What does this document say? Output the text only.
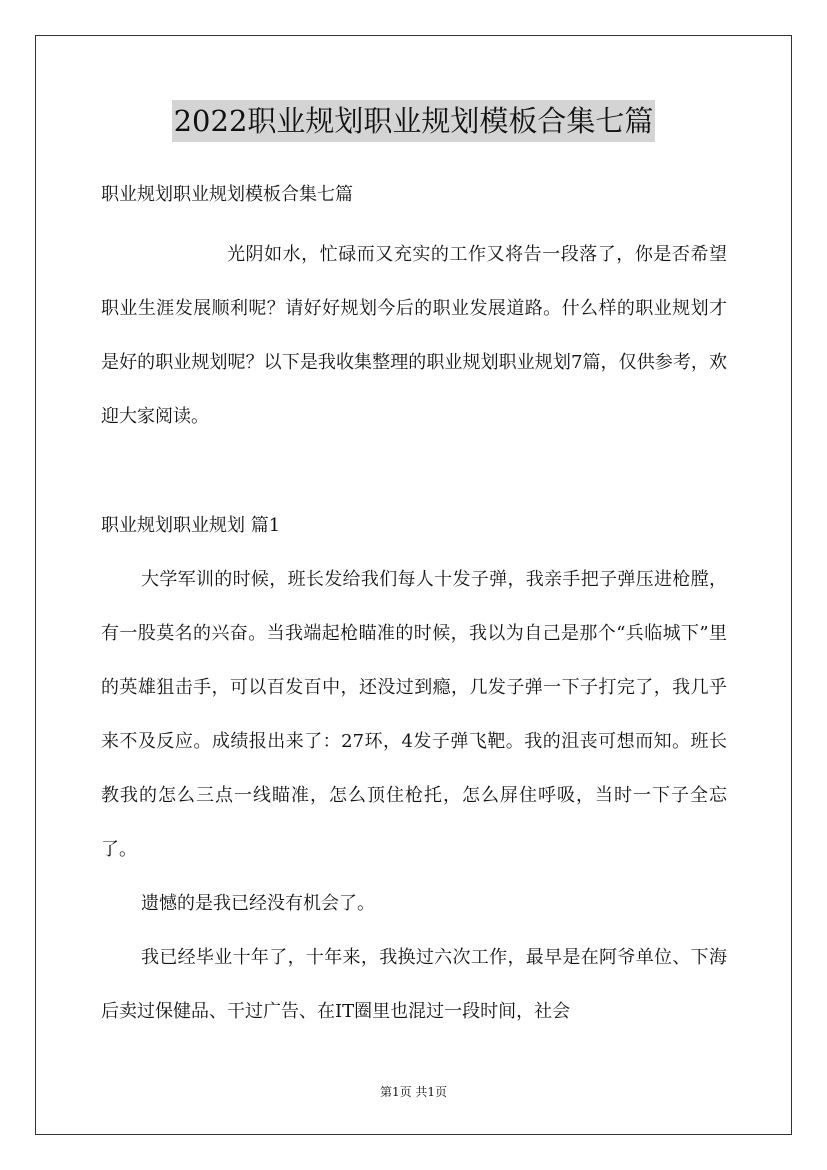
2022职业规划职业规划模板合集七篇

职业规划职业规划模板合集七篇

光阴如水，忙碌而又充实的工作又将告一段落了，你是否希望职业生涯发展顺利呢？请好好规划今后的职业发展道路。什么样的职业规划才是好的职业规划呢？以下是我收集整理的职业规划职业规划7篇，仅供参考，欢迎大家阅读。

职业规划职业规划 篇1

大学军训的时候，班长发给我们每人十发子弹，我亲手把子弹压进枪膛，有一股莫名的兴奋。当我端起枪瞄准的时候，我以为自己是那个“兵临城下”里的英雄狙击手，可以百发百中，还没过到瘾，几发子弹一下子打完了，我几乎来不及反应。成绩报出来了：27环，4发子弹飞靶。我的沮丧可想而知。班长教我的怎么三点一线瞄准，怎么顶住枪托，怎么屏住呼吸，当时一下子全忘了。

遗憾的是我已经没有机会了。

我已经毕业十年了，十年来，我换过六次工作，最早是在阿爷单位、下海后卖过保健品、干过广告、在IT圈里也混过一段时间，社会

第1页 共1页
